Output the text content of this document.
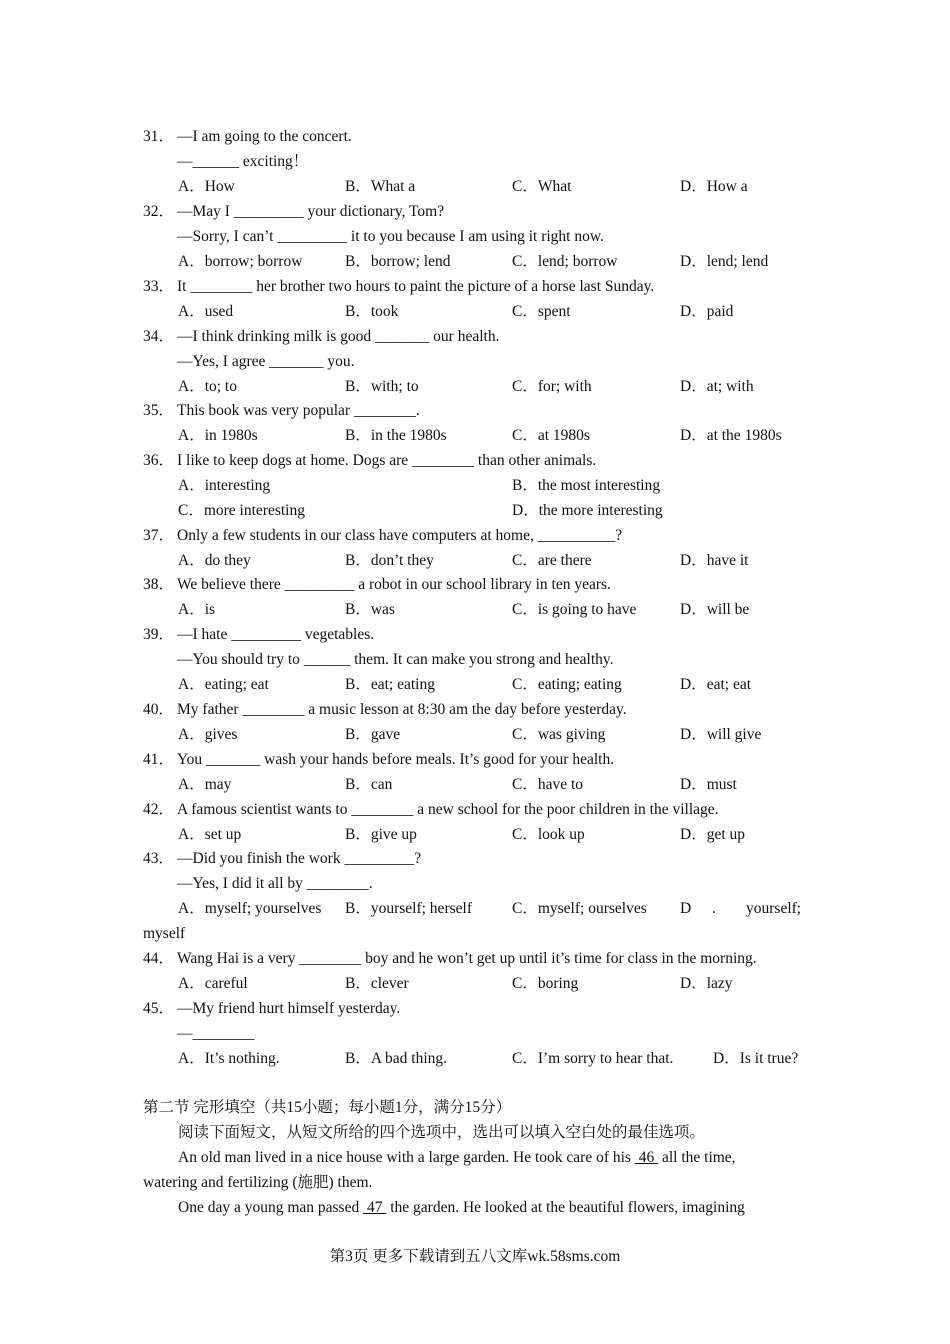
31． —I am going to the concert.
—______ exciting！
A．How	B．What a	C．What	D．How a
32． —May I _________ your dictionary, Tom?
—Sorry, I can’t _________ it to you because I am using it right now.
A．borrow; borrow	B．borrow; lend	C．lend; borrow	D．lend; lend
33． It ________ her brother two hours to paint the picture of a horse last Sunday.
A．used	B．took	C．spent	D．paid
34． —I think drinking milk is good _______ our health.
—Yes, I agree _______ you.
A．to; to	B．with; to	C．for; with	D．at; with
35． This book was very popular ________.
A．in 1980s	B．in the 1980s	C．at 1980s	D．at the 1980s
36． I like to keep dogs at home. Dogs are ________ than other animals.
A．interesting	B．the most interesting
C．more interesting	D．the more interesting
37． Only a few students in our class have computers at home, __________?
A．do they	B．don’t they	C．are there	D．have it
38． We believe there _________ a robot in our school library in ten years.
A．is	B．was	C．is going to have	D．will be
39． —I hate _________ vegetables.
—You should try to ______ them. It can make you strong and healthy.
A．eating; eat	B．eat; eating	C．eating; eating	D．eat; eat
40． My father ________ a music lesson at 8:30 am the day before yesterday.
A．gives	B．gave	C．was giving	D．will give
41． You _______ wash your hands before meals. It’s good for your health.
A．may	B．can	C．have to	D．must
42． A famous scientist wants to ________ a new school for the poor children in the village.
A．set up	B．give up	C．look up	D．get up
43． —Did you finish the work _________?
—Yes, I did it all by ________.
A．myself; yourselves B．yourself; herself	C．myself; ourselves D . yourself;
myself
44． Wang Hai is a very ________ boy and he won’t get up until it’s time for class in the morning.
A．careful	B．clever	C．boring	D．lazy
45． —My friend hurt himself yesterday.
—________
A．It’s nothing.	B．A bad thing.	C．I’m sorry to hear that.	D．Is it true?
第二节 完形填空（共15小题；每小题1分，满分15分）
阅读下面短文，从短文所给的四个选项中，选出可以填入空白处的最佳选项。
An old man lived in a nice house with a large garden. He took care of his  46  all the time,
watering and fertilizing (施肥) them.
One day a young man passed  47  the garden. He looked at the beautiful flowers, imagining
第3页 更多下载请到五八文库wk.58sms.com
